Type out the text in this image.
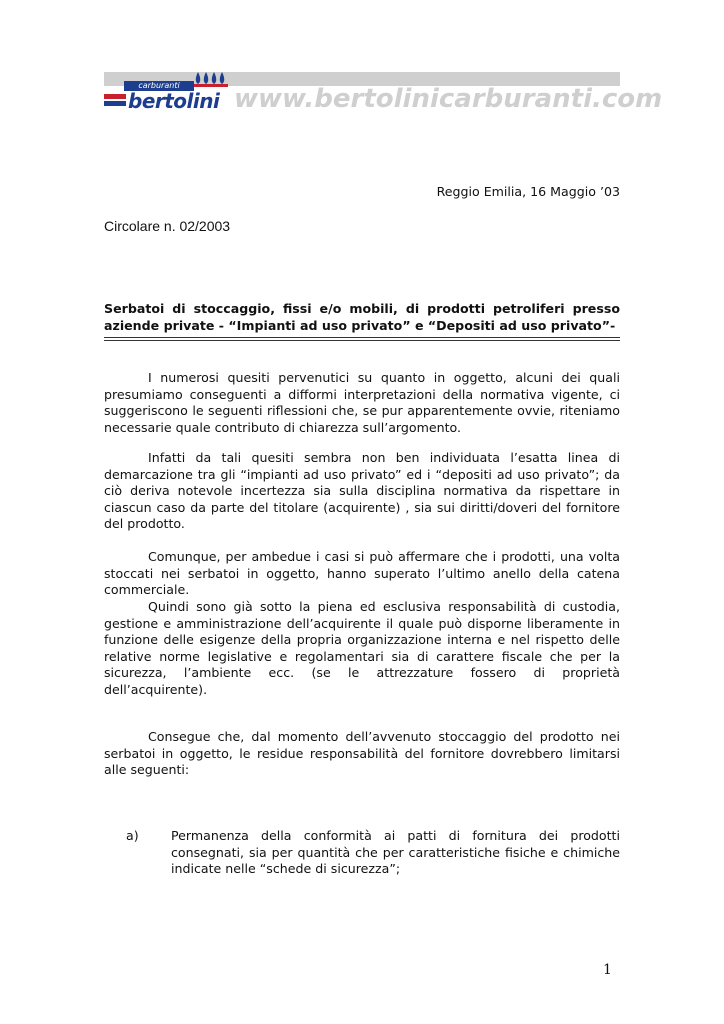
www.bertolinicarburanti.com
carburanti
bertolini
Reggio Emilia, 16 Maggio ’03
Circolare n. 02/2003
Serbatoi di stoccaggio, fissi e/o mobili, di prodotti petroliferi presso aziende private - “Impianti ad uso privato” e “Depositi ad uso privato”-
I numerosi quesiti pervenutici su quanto in oggetto, alcuni dei quali presumiamo conseguenti a difformi interpretazioni della normativa vigente, ci suggeriscono le seguenti riflessioni che, se pur apparentemente ovvie, riteniamo necessarie quale contributo di chiarezza sull’argomento.
Infatti da tali quesiti sembra non ben individuata l’esatta linea di demarcazione tra gli “impianti ad uso privato” ed i “depositi ad uso privato”; da ciò deriva notevole incertezza sia sulla disciplina normativa da rispettare in ciascun caso da parte del titolare (acquirente) , sia sui diritti/doveri del fornitore del prodotto.
Comunque, per ambedue i casi si può affermare che i prodotti, una volta stoccati nei serbatoi in oggetto, hanno superato l’ultimo anello della catena commerciale.
Quindi sono già sotto la piena ed esclusiva responsabilità di custodia, gestione e amministrazione dell’acquirente il quale può disporne liberamente in funzione delle esigenze della propria organizzazione interna e nel rispetto delle relative norme legislative e regolamentari sia di carattere fiscale che per la sicurezza, l’ambiente ecc. (se le attrezzature fossero di proprietà dell’acquirente).
Consegue che, dal momento dell’avvenuto stoccaggio del prodotto nei serbatoi in oggetto, le residue responsabilità del fornitore dovrebbero limitarsi alle seguenti:
a)	Permanenza della conformità ai patti di fornitura dei prodotti consegnati, sia per quantità che per caratteristiche fisiche e chimiche indicate nelle “schede di sicurezza”;
1
